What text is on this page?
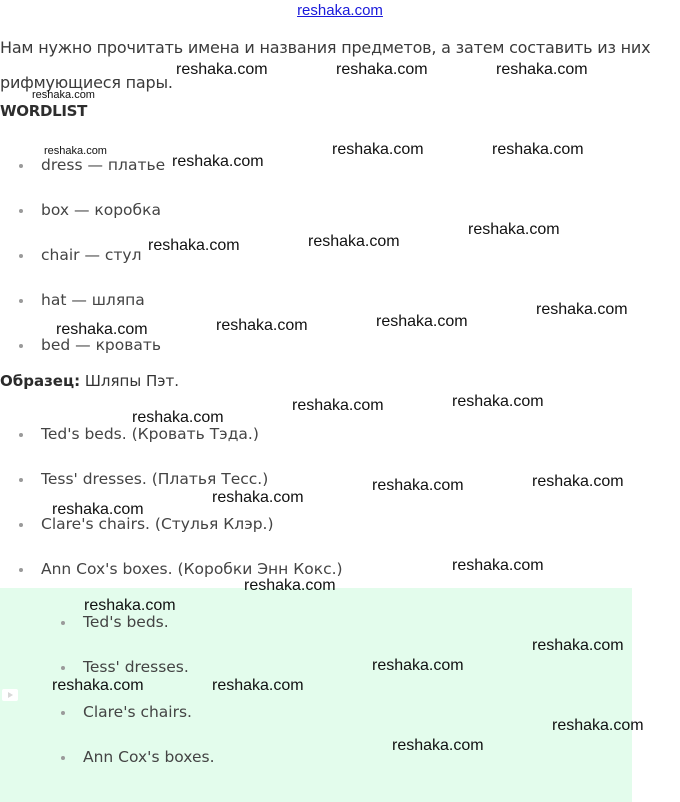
reshaka.com
Нам нужно прочитать имена и названия предметов, а затем составить из них рифмующиеся пары.
WORDLIST
dress — платье
box — коробка
chair — стул
hat — шляпа
bed — кровать
Образец: Шляпы Пэт.
Ted's beds. (Кровать Тэда.)
Tess' dresses. (Платья Тесс.)
Clare's chairs. (Стулья Клэр.)
Ann Cox's boxes. (Коробки Энн Кокс.)
Ted's beds.
Tess' dresses.
Clare's chairs.
Ann Cox's boxes.
reshaka.com	reshaka.com	reshaka.com
reshaka.com
reshaka.com
reshaka.com
reshaka.com	reshaka.com
reshaka.com	reshaka.com
reshaka.com
reshaka.com
reshaka.com	reshaka.com	reshaka.com
reshaka.com
reshaka.com	reshaka.com
reshaka.com
reshaka.com	reshaka.com
reshaka.com
reshaka.com
reshaka.com
reshaka.com
reshaka.com
reshaka.com
reshaka.com	reshaka.com
reshaka.com
reshaka.com
